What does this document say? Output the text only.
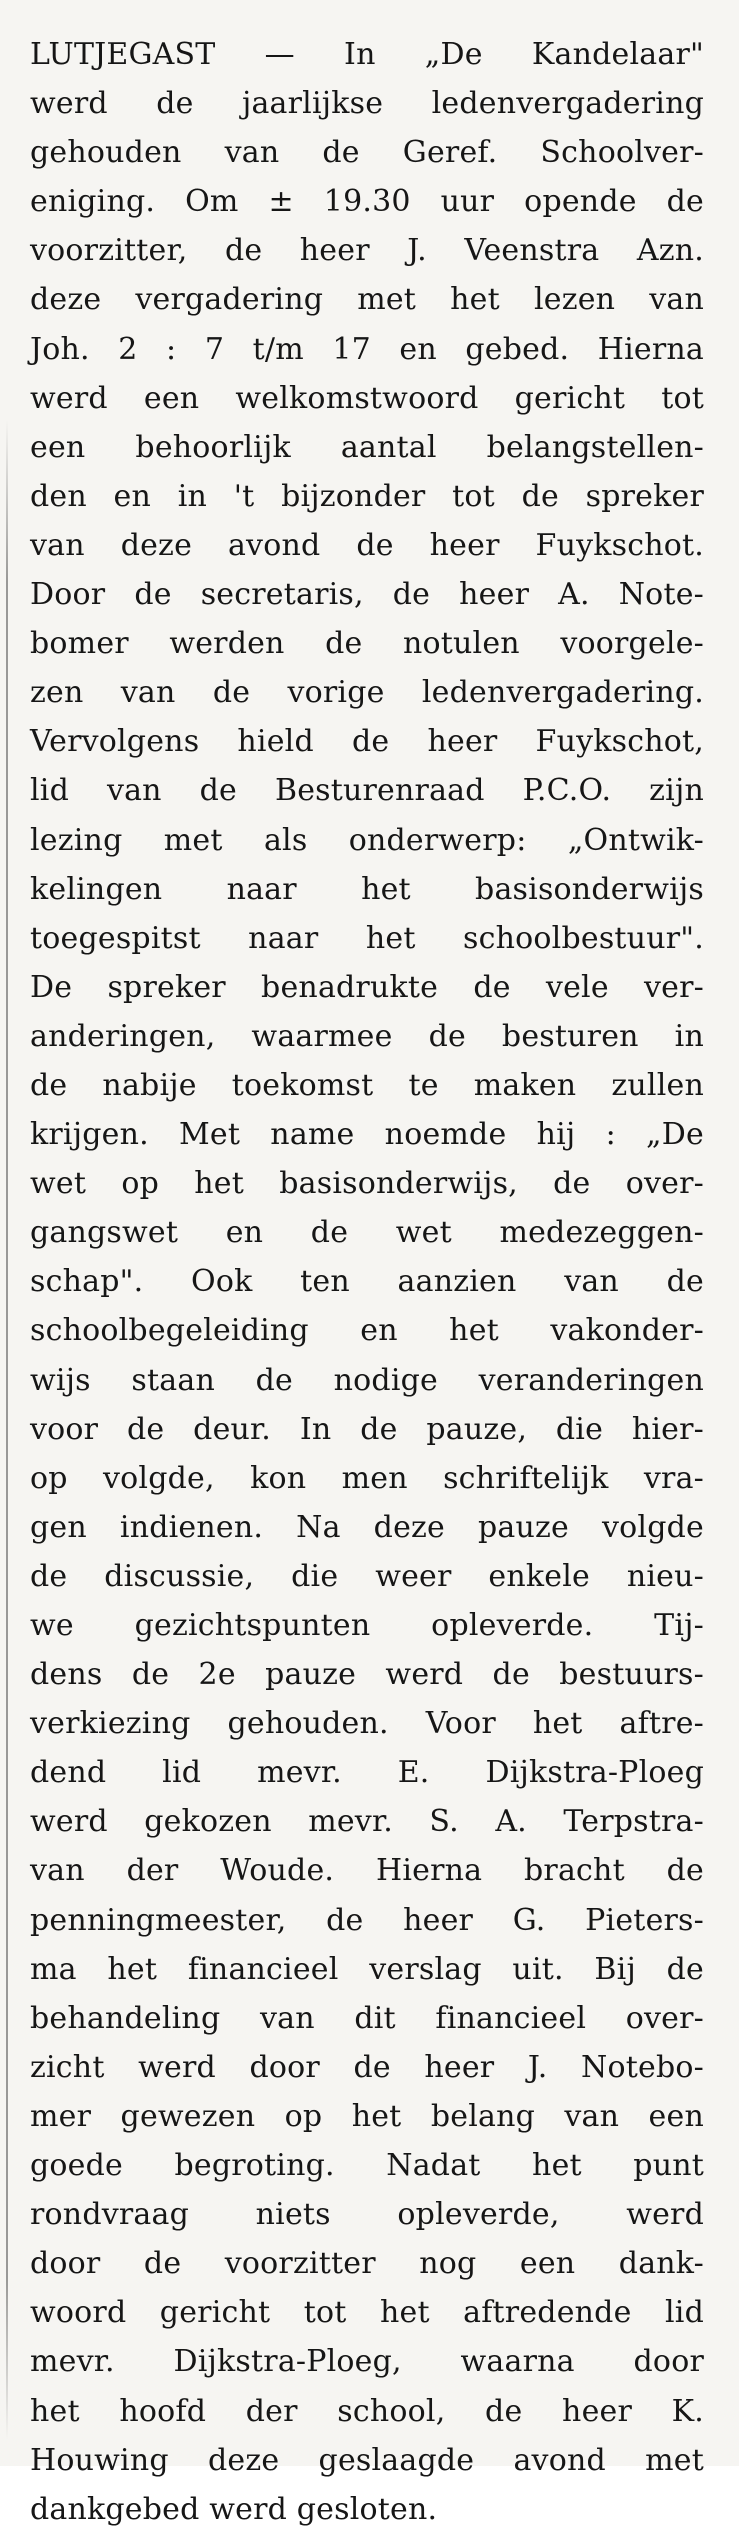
LUTJEGAST — In „De Kandelaar"
werd de jaarlijkse ledenvergadering
gehouden van de Geref. Schoolver-
eniging. Om ± 19.30 uur opende de
voorzitter, de heer J. Veenstra Azn.
deze vergadering met het lezen van
Joh. 2 : 7 t/m 17 en gebed. Hierna
werd een welkomstwoord gericht tot
een behoorlijk aantal belangstellen-
den en in 't bijzonder tot de spreker
van deze avond de heer Fuykschot.
Door de secretaris, de heer A. Note-
bomer werden de notulen voorgele-
zen van de vorige ledenvergadering.
Vervolgens hield de heer Fuykschot,
lid van de Besturenraad P.C.O. zijn
lezing met als onderwerp: „Ontwik-
kelingen naar het basisonderwijs
toegespitst naar het schoolbestuur".
De spreker benadrukte de vele ver-
anderingen, waarmee de besturen in
de nabije toekomst te maken zullen
krijgen. Met name noemde hij : „De
wet op het basisonderwijs, de over-
gangswet en de wet medezeggen-
schap". Ook ten aanzien van de
schoolbegeleiding en het vakonder-
wijs staan de nodige veranderingen
voor de deur. In de pauze, die hier-
op volgde, kon men schriftelijk vra-
gen indienen. Na deze pauze volgde
de discussie, die weer enkele nieu-
we gezichtspunten opleverde. Tij-
dens de 2e pauze werd de bestuurs-
verkiezing gehouden. Voor het aftre-
dend lid mevr. E. Dijkstra-Ploeg
werd gekozen mevr. S. A. Terpstra-
van der Woude. Hierna bracht de
penningmeester, de heer G. Pieters-
ma het financieel verslag uit. Bij de
behandeling van dit financieel over-
zicht werd door de heer J. Notebo-
mer gewezen op het belang van een
goede begroting. Nadat het punt
rondvraag niets opleverde, werd
door de voorzitter nog een dank-
woord gericht tot het aftredende lid
mevr. Dijkstra-Ploeg, waarna door
het hoofd der school, de heer K.
Houwing deze geslaagde avond met
dankgebed werd gesloten.
